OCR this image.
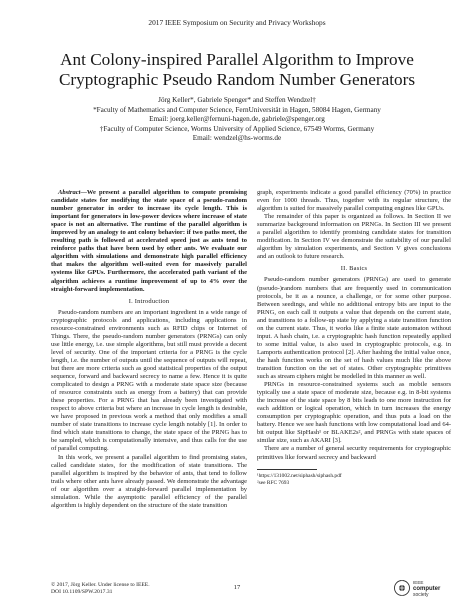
2017 IEEE Symposium on Security and Privacy Workshops
Ant Colony-inspired Parallel Algorithm to Improve
Cryptographic Pseudo Random Number Generators
Jörg Keller*, Gabriele Spenger* and Steffen Wendzel†
*Faculty of Mathematics and Computer Science, FernUniversität in Hagen, 58084 Hagen, Germany
Email: joerg.keller@fernuni-hagen.de, gabriele@spenger.org
†Faculty of Computer Science, Worms University of Applied Science, 67549 Worms, Germany
Email: wendzel@hs-worms.de

Abstract—We present a parallel algorithm to compute promising candidate states for modifying the state space of a pseudo-random number generator in order to increase its cycle length. This is important for generators in low-power devices where increase of state space is not an alternative. The runtime of the parallel algorithm is improved by an analogy to ant colony behavior: if two paths meet, the resulting path is followed at accelerated speed just as ants tend to reinforce paths that have been used by other ants. We evaluate our algorithm with simulations and demonstrate high parallel efficiency that makes the algorithm well-suited even for massively parallel systems like GPUs. Furthermore, the accelerated path variant of the algorithm achieves a runtime improvement of up to 4% over the straight-forward implementation.

I. Introduction

Pseudo-random numbers are an important ingredient in a wide range of cryptographic protocols and applications, including applications in resource-constrained environments such as RFID chips or Internet of Things. There, the pseudo-random number generators (PRNGs) can only use little energy, i.e. use simple algorithms, but still must provide a decent level of security. One of the important criteria for a PRNG is the cycle length, i.e. the number of outputs until the sequence of outputs will repeat, but there are more criteria such as good statistical properties of the output sequence, forward and backward secrecy to name a few. Hence it is quite complicated to design a PRNG with a moderate state space size (because of resource constraints such as energy from a battery) that can provide these properties. For a PRNG that has already been investigated with respect to above criteria but where an increase in cycle length is desirable, we have proposed in previous work a method that only modifies a small number of state transitions to increase cycle length notably [1]. In order to find which state transitions to change, the state space of the PRNG has to be sampled, which is computationally intensive, and thus calls for the use of parallel computing.

In this work, we present a parallel algorithm to find promising states, called candidate states, for the modification of state transitions. The parallel algorithm is inspired by the behavior of ants, that tend to follow trails where other ants have already passed. We demonstrate the advantage of our algorithm over a straight-forward parallel implementation by simulation. While the asymptotic parallel efficiency of the parallel algorithm is highly dependent on the structure of the state transition

graph, experiments indicate a good parallel efficiency (70%) in practice even for 1000 threads. Thus, together with its regular structure, the algorithm is suited for massively parallel computing engines like GPUs.

The remainder of this paper is organized as follows. In Section II we summarize background information on PRNGs. In Section III we present a parallel algorithm to identify promising candidate states for transition modification. In Section IV we demonstrate the suitability of our parallel algorithm by simulation experiments, and Section V gives conclusions and an outlook to future research.

II. Basics

Pseudo-random number generators (PRNGs) are used to generate (pseudo-)random numbers that are frequently used in communication protocols, be it as a nounce, a challenge, or for some other purpose. Between seedings, and while no additional entropy bits are input to the PRNG, on each call it outputs a value that depends on the current state, and transitions to a follow-up state by applying a state transition function on the current state. Thus, it works like a finite state automaton without input. A hash chain, i.e. a cryptographic hash function repeatedly applied to some initial value, is also used in cryptographic protocols, e.g. in Lamports authentication protocol [2]. After hashing the initial value once, the hash function works on the set of hash values much like the above transition function on the set of states. Other cryptographic primitives such as stream ciphers might be modelled in this manner as well.

PRNGs in resource-constrained systems such as mobile sensors typically use a state space of moderate size, because e.g. in 8-bit systems the increase of the state space by 8 bits leads to one more instruction for each addition or logical operation, which in turn increases the energy consumption per cryptographic operation, and thus puts a load on the battery. Hence we see hash functions with low computational load and 64-bit output like SipHash¹ or BLAKE2s², and PRNGs with state spaces of similar size, such as AKARI [3].

There are a number of general security requirements for cryptographic primitives like forward secrecy and backward

¹https://131002.net/siphash/siphash.pdf
²see RFC 7693
© 2017, Jörg Keller. Under license to IEEE.
DOI 10.1109/SPW.2017.31
17
IEEE
computer
society
